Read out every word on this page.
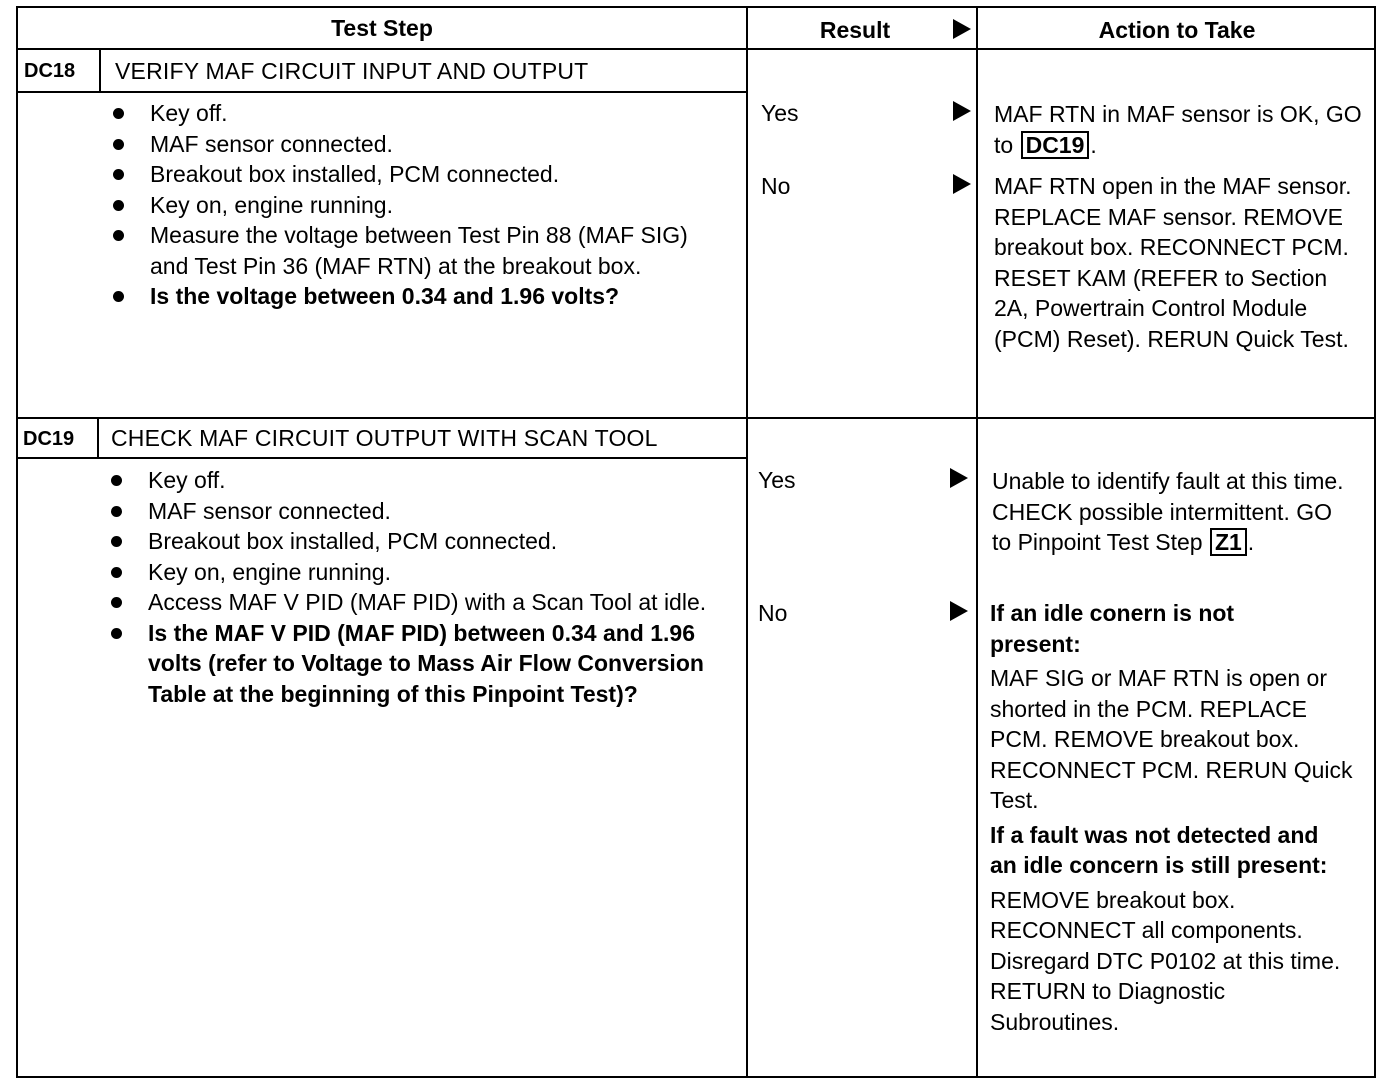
Test Step	Result	Action to Take
DC18 VERIFY MAF CIRCUIT INPUT AND OUTPUT
Key off.
MAF sensor connected.
Breakout box installed, PCM connected.
Key on, engine running.
Measure the voltage between Test Pin 88 (MAF SIG) and Test Pin 36 (MAF RTN) at the breakout box.
Is the voltage between 0.34 and 1.96 volts?
Yes
No
MAF RTN in MAF sensor is OK, GO to DC19 .
MAF RTN open in the MAF sensor. REPLACE MAF sensor. REMOVE breakout box. RECONNECT PCM. RESET KAM (REFER to Section 2A, Powertrain Control Module (PCM) Reset). RERUN Quick Test.
DC19 CHECK MAF CIRCUIT OUTPUT WITH SCAN TOOL
Key off.
MAF sensor connected.
Breakout box installed, PCM connected.
Key on, engine running.
Access MAF V PID (MAF PID) with a Scan Tool at idle.
Is the MAF V PID (MAF PID) between 0.34 and 1.96 volts (refer to Voltage to Mass Air Flow Conversion Table at the beginning of this Pinpoint Test)?
Yes
No
Unable to identify fault at this time. CHECK possible intermittent. GO to Pinpoint Test Step Z1 .

If an idle conern is not present:

MAF SIG or MAF RTN is open or shorted in the PCM. REPLACE PCM. REMOVE breakout box. RECONNECT PCM. RERUN Quick Test.

If a fault was not detected and an idle concern is still present:

REMOVE breakout box. RECONNECT all components. Disregard DTC P0102 at this time. RETURN to Diagnostic Subroutines.
